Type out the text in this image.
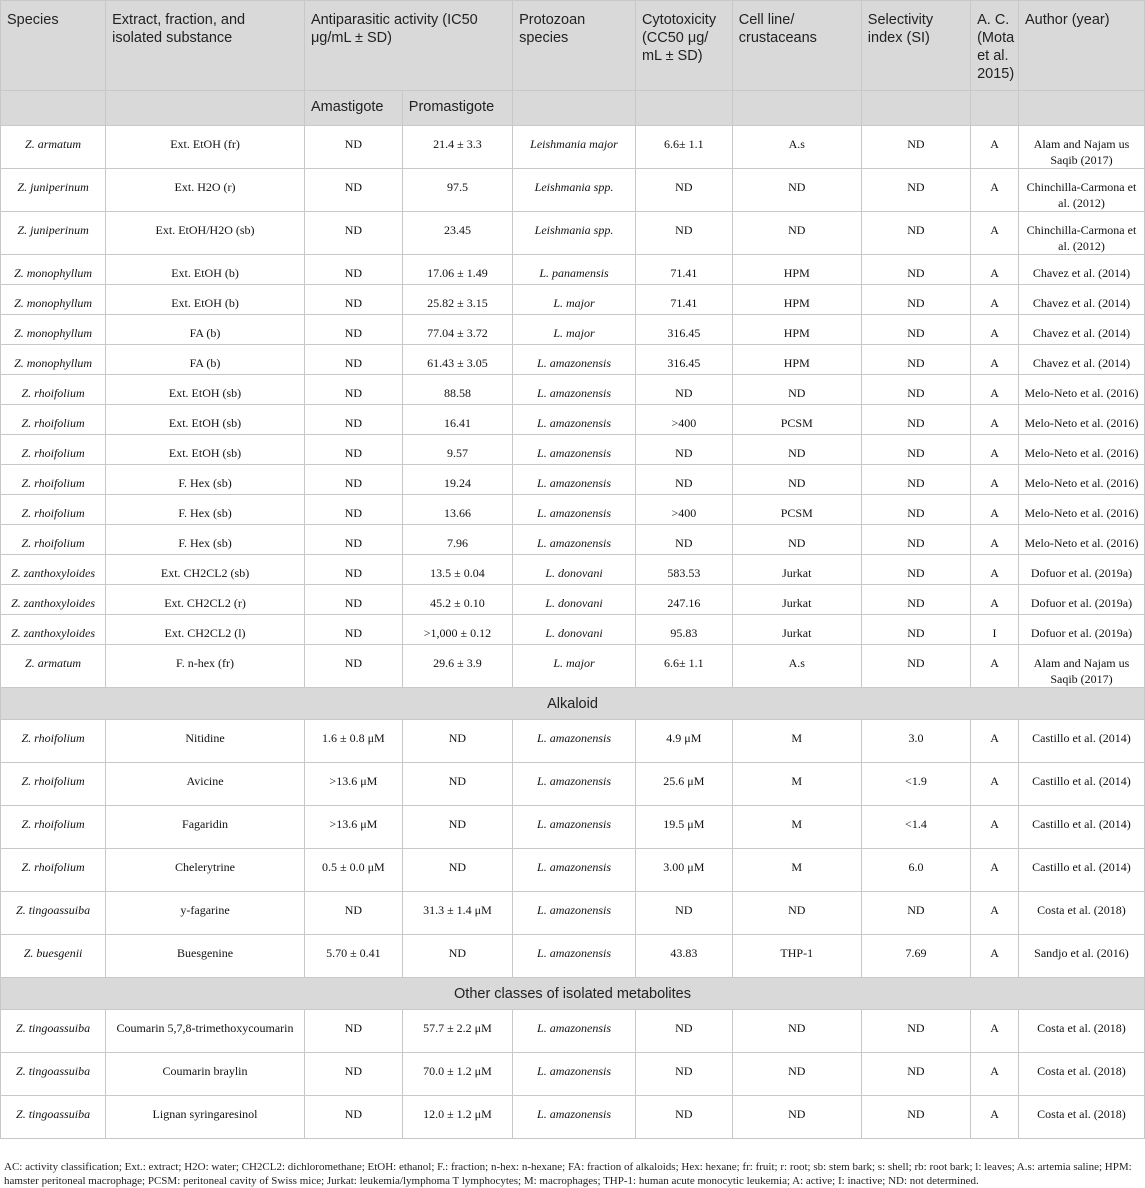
Species	Extract, fraction, and isolated substance	Antiparasitic activity (IC50 μg/mL ± SD)		Protozoan species	Cytotoxicity (CC50 μg/ mL ± SD)	Cell line/ crustaceans	Selectivity index (SI)	A. C. (Mota et al. 2015)	Author (year)
		Amastigote	Promastigote						
Z. armatum	Ext. EtOH (fr)	ND	21.4 ± 3.3	Leishmania major	6.6± 1.1	A.s	ND	A	Alam and Najam us Saqib (2017)
Z. juniperinum	Ext. H2O (r)	ND	97.5	Leishmania spp.	ND	ND	ND	A	Chinchilla-Carmona et al. (2012)
Z. juniperinum	Ext. EtOH/H2O (sb)	ND	23.45	Leishmania spp.	ND	ND	ND	A	Chinchilla-Carmona et al. (2012)
Z. monophyllum	Ext. EtOH (b)	ND	17.06 ± 1.49	L. panamensis	71.41	HPM	ND	A	Chavez et al. (2014)
Z. monophyllum	Ext. EtOH (b)	ND	25.82 ± 3.15	L. major	71.41	HPM	ND	A	Chavez et al. (2014)
Z. monophyllum	FA (b)	ND	77.04 ± 3.72	L. major	316.45	HPM	ND	A	Chavez et al. (2014)
Z. monophyllum	FA (b)	ND	61.43 ± 3.05	L. amazonensis	316.45	HPM	ND	A	Chavez et al. (2014)
Z. rhoifolium	Ext. EtOH (sb)	ND	88.58	L. amazonensis	ND	ND	ND	A	Melo-Neto et al. (2016)
Z. rhoifolium	Ext. EtOH (sb)	ND	16.41	L. amazonensis	>400	PCSM	ND	A	Melo-Neto et al. (2016)
Z. rhoifolium	Ext. EtOH (sb)	ND	9.57	L. amazonensis	ND	ND	ND	A	Melo-Neto et al. (2016)
Z. rhoifolium	F. Hex (sb)	ND	19.24	L. amazonensis	ND	ND	ND	A	Melo-Neto et al. (2016)
Z. rhoifolium	F. Hex (sb)	ND	13.66	L. amazonensis	>400	PCSM	ND	A	Melo-Neto et al. (2016)
Z. rhoifolium	F. Hex (sb)	ND	7.96	L. amazonensis	ND	ND	ND	A	Melo-Neto et al. (2016)
Z. zanthoxyloides	Ext. CH2CL2 (sb)	ND	13.5 ± 0.04	L. donovani	583.53	Jurkat	ND	A	Dofuor et al. (2019a)
Z. zanthoxyloides	Ext. CH2CL2 (r)	ND	45.2 ± 0.10	L. donovani	247.16	Jurkat	ND	A	Dofuor et al. (2019a)
Z. zanthoxyloides	Ext. CH2CL2 (l)	ND	>1,000 ± 0.12	L. donovani	95.83	Jurkat	ND	I	Dofuor et al. (2019a)
Z. armatum	F. n-hex (fr)	ND	29.6 ± 3.9	L. major	6.6± 1.1	A.s	ND	A	Alam and Najam us Saqib (2017)
Alkaloid									
Z. rhoifolium	Nitidine	1.6 ± 0.8 μM	ND	L. amazonensis	4.9 μM	M	3.0	A	Castillo et al. (2014)
Z. rhoifolium	Avicine	>13.6 μM	ND	L. amazonensis	25.6 μM	M	<1.9	A	Castillo et al. (2014)
Z. rhoifolium	Fagaridin	>13.6 μM	ND	L. amazonensis	19.5 μM	M	<1.4	A	Castillo et al. (2014)
Z. rhoifolium	Chelerytrine	0.5 ± 0.0 μM	ND	L. amazonensis	3.00 μM	M	6.0	A	Castillo et al. (2014)
Z. tingoassuiba	y-fagarine	ND	31.3 ± 1.4 μM	L. amazonensis	ND	ND	ND	A	Costa et al. (2018)
Z. buesgenii	Buesgenine	5.70 ± 0.41	ND	L. amazonensis	43.83	THP-1	7.69	A	Sandjo et al. (2016)
Other classes of isolated metabolites									
Z. tingoassuiba	Coumarin 5,7,8-trimethoxycoumarin	ND	57.7 ± 2.2 μM	L. amazonensis	ND	ND	ND	A	Costa et al. (2018)
Z. tingoassuiba	Coumarin braylin	ND	70.0 ± 1.2 μM	L. amazonensis	ND	ND	ND	A	Costa et al. (2018)
Z. tingoassuiba	Lignan syringaresinol	ND	12.0 ± 1.2 μM	L. amazonensis	ND	ND	ND	A	Costa et al. (2018)
AC: activity classification; Ext.: extract; H2O: water; CH2CL2: dichloromethane; EtOH: ethanol; F.: fraction; n-hex: n-hexane; FA: fraction of alkaloids; Hex: hexane; fr: fruit; r: root; sb: stem bark; s: shell; rb: root bark; l: leaves; A.s: artemia saline; HPM: hamster peritoneal macrophage; PCSM: peritoneal cavity of Swiss mice; Jurkat: leukemia/lymphoma T lymphocytes; M: macrophages; THP-1: human acute monocytic leukemia; A: active; I: inactive; ND: not determined.
